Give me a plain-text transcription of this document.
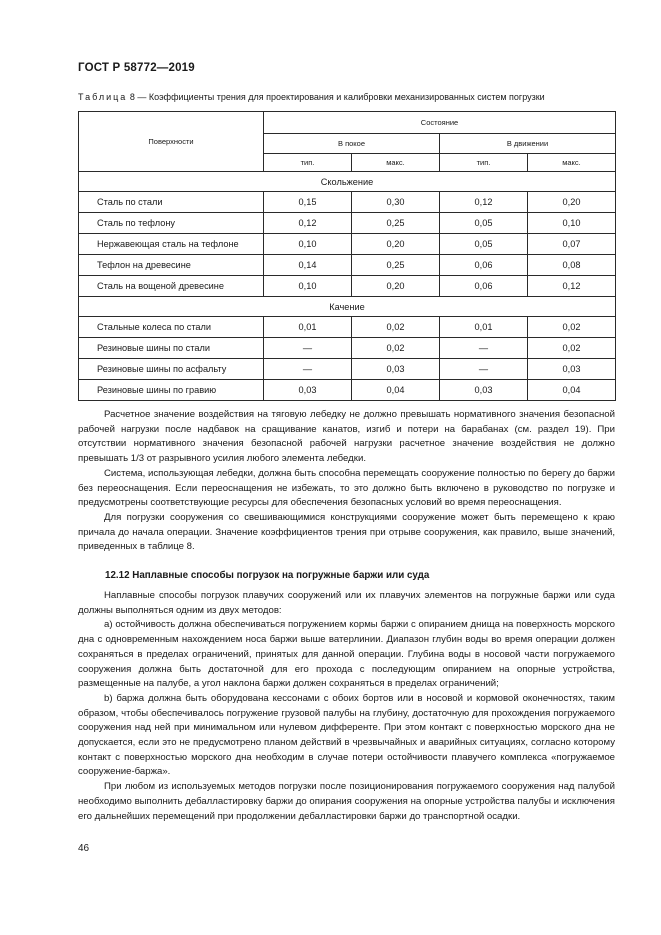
ГОСТ Р 58772—2019
Таблица 8 — Коэффициенты трения для проектирования и калибровки механизированных систем погрузки
Поверхности	Состояние			
	В покое		В движении	
	тип.	макс.	тип.	макс.
Скольжение				
Сталь по стали	0,15	0,30	0,12	0,20
Сталь по тефлону	0,12	0,25	0,05	0,10
Нержавеющая сталь на тефлоне	0,10	0,20	0,05	0,07
Тефлон на древесине	0,14	0,25	0,06	0,08
Сталь на вощеной древесине	0,10	0,20	0,06	0,12
Качение				
Стальные колеса по стали	0,01	0,02	0,01	0,02
Резиновые шины по стали	—	0,02	—	0,02
Резиновые шины по асфальту	—	0,03	—	0,03
Резиновые шины по гравию	0,03	0,04	0,03	0,04

Расчетное значение воздействия на тяговую лебедку не должно превышать нормативного значения безопасной рабочей нагрузки после надбавок на сращивание канатов, изгиб и потери на барабанах (см. раздел 19). При отсутствии нормативного значения безопасной рабочей нагрузки расчетное значение воздействия не должно превышать 1/3 от разрывного усилия любого элемента лебедки.

Система, использующая лебедки, должна быть способна перемещать сооружение полностью по берегу до баржи без переоснащения. Если переоснащения не избежать, то это должно быть включено в руководство по погрузке и предусмотрены соответствующие ресурсы для обеспечения безопасных условий во время переоснащения.

Для погрузки сооружения со свешивающимися конструкциями сооружение может быть перемещено к краю причала до начала операции. Значение коэффициентов трения при отрыве сооружения, как правило, выше значений, приведенных в таблице 8.

12.12 Наплавные способы погрузок на погружные баржи или суда

Наплавные способы погрузок плавучих сооружений или их плавучих элементов на погружные баржи или суда должны выполняться одним из двух методов:

а) остойчивость должна обеспечиваться погружением кормы баржи с опиранием днища на поверхность морского дна с одновременным нахождением носа баржи выше ватерлинии. Диапазон глубин воды во время операции должен сохраняться в пределах ограничений, принятых для данной операции. Глубина воды в носовой части погружаемого сооружения должна быть достаточной для его прохода с последующим опиранием на опорные устройства, размещенные на палубе, а угол наклона баржи должен сохраняться в пределах ограничений;

b) баржа должна быть оборудована кессонами с обоих бортов или в носовой и кормовой оконечностях, таким образом, чтобы обеспечивалось погружение грузовой палубы на глубину, достаточную для прохождения погружаемого сооружения над ней при минимальном или нулевом дифференте. При этом контакт с поверхностью морского дна не допускается, если это не предусмотрено планом действий в чрезвычайных и аварийных ситуациях, согласно которому контакт с поверхностью морского дна необходим в случае потери остойчивости плавучего комплекса «погружаемое сооружение-баржа».

При любом из используемых методов погрузки после позиционирования погружаемого сооружения над палубой необходимо выполнить дебалластировку баржи до опирания сооружения на опорные устройства палубы и исключения его дальнейших перемещений при продолжении дебалластировки баржи до транспортной осадки.

46
